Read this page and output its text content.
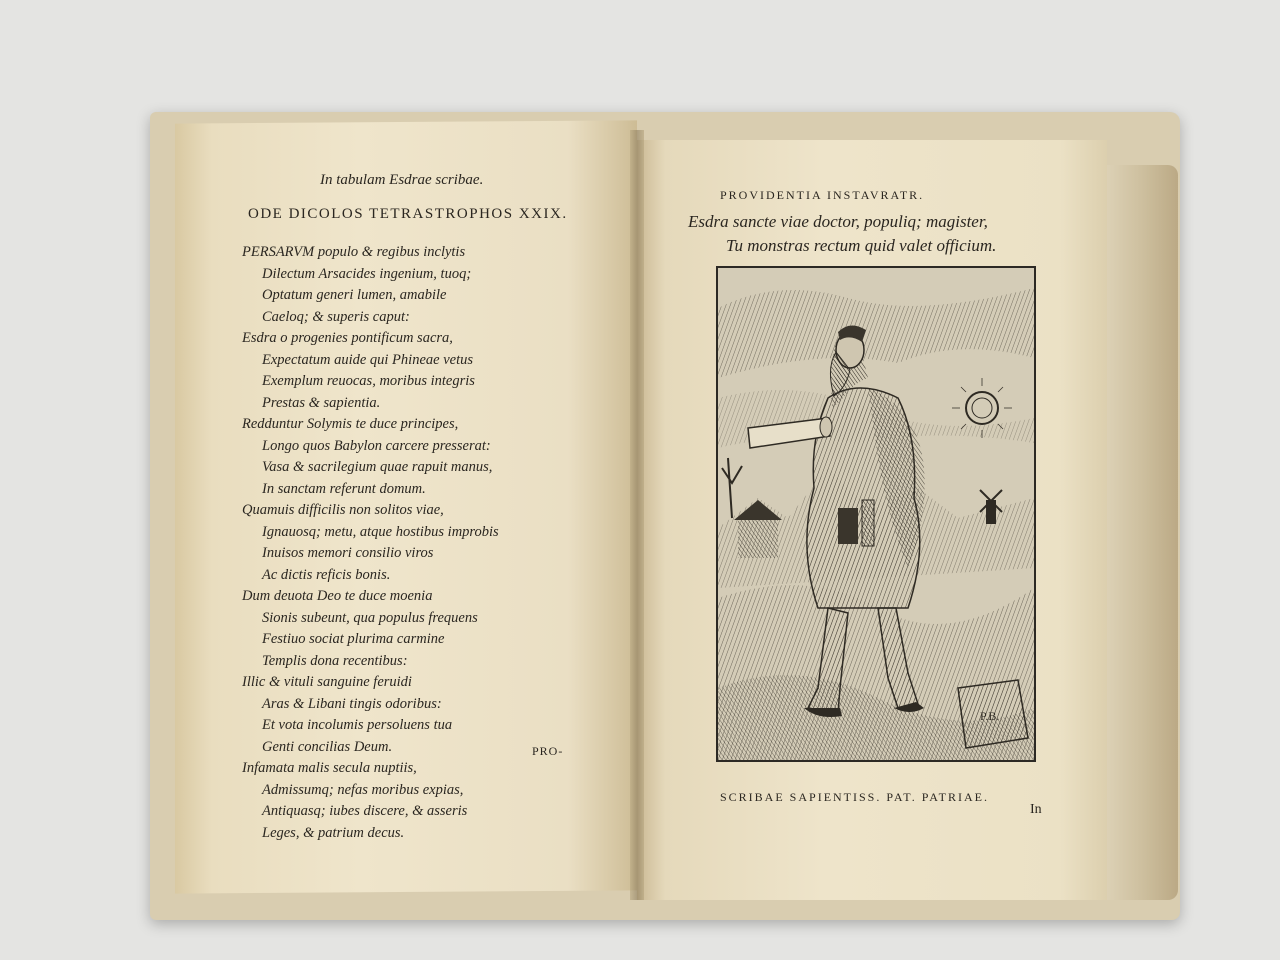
In tabulam Esdrae scribae.
ODE DICOLOS TETRASTROPHOS XXIX.
PERSARVM populo & regibus inclytis
Dilectum Arsacides ingenium, tuoq;
Optatum generi lumen, amabile
Caeloq; & superis caput:
Esdra o progenies pontificum sacra,
Expectatum auide qui Phineae vetus
Exemplum reuocas, moribus integris
Prestas & sapientia.
Redduntur Solymis te duce principes,
Longo quos Babylon carcere presserat:
Vasa & sacrilegium quae rapuit manus,
In sanctam referunt domum.
Quamuis difficilis non solitos viae,
Ignauosq; metu, atque hostibus improbis
Inuisos memori consilio viros
Ac dictis reficis bonis.
Dum deuota Deo te duce moenia
Sionis subeunt, qua populus frequens
Festiuo sociat plurima carmine
Templis dona recentibus:
Illic & vituli sanguine feruidi
Aras & Libani tingis odoribus:
Et vota incolumis persoluens tua
Genti concilias Deum.
Infamata malis secula nuptiis,
Admissumq; nefas moribus expias,
Antiquasq; iubes discere, & asseris
Leges, & patrium decus.
PRO-
PROVIDENTIA INSTAVRATR.
Esdra sancte viae doctor, populiq; magister,
Tu monstras rectum quid valet officium.
P.B.
SCRIBAE SAPIENTISS. PAT. PATRIAE.
In
